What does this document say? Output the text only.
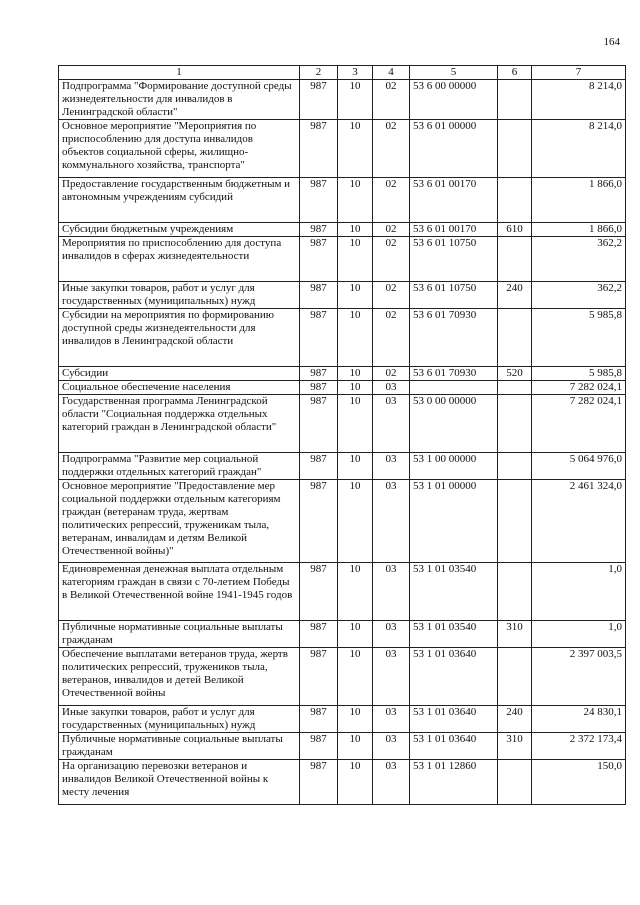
164
1	2	3	4	5	6	7
Подпрограмма "Формирование доступной среды жизнедеятельности для инвалидов в Ленинградской области"	987	10	02	53 6 00 00000		8 214,0
Основное мероприятие "Мероприятия по приспособлению для доступа инвалидов объектов социальной сферы, жилищно-коммунального хозяйства, транспорта"	987	10	02	53 6 01 00000		8 214,0
Предоставление государственным бюджетным и автономным учреждениям субсидий	987	10	02	53 6 01 00170		1 866,0
Субсидии бюджетным учреждениям	987	10	02	53 6 01 00170	610	1 866,0
Мероприятия по приспособлению для доступа инвалидов в сферах жизнедеятельности	987	10	02	53 6 01 10750		362,2
Иные закупки товаров, работ и услуг для государственных (муниципальных) нужд	987	10	02	53 6 01 10750	240	362,2
Субсидии на мероприятия по формированию доступной среды жизнедеятельности для инвалидов в Ленинградской области	987	10	02	53 6 01 70930		5 985,8
Субсидии	987	10	02	53 6 01 70930	520	5 985,8
Социальное обеспечение населения	987	10	03			7 282 024,1
Государственная программа Ленинградской области "Социальная поддержка отдельных категорий граждан в Ленинградской области"	987	10	03	53 0 00 00000		7 282 024,1
Подпрограмма "Развитие мер социальной поддержки отдельных категорий граждан"	987	10	03	53 1 00 00000		5 064 976,0
Основное мероприятие "Предоставление мер социальной поддержки отдельным категориям граждан (ветеранам труда, жертвам политических репрессий, труженикам тыла, ветеранам, инвалидам и детям Великой Отечественной войны)"	987	10	03	53 1 01 00000		2 461 324,0
Единовременная денежная выплата отдельным категориям граждан в связи с 70-летием Победы в Великой Отечественной войне 1941-1945 годов	987	10	03	53 1 01 03540		1,0
Публичные нормативные социальные выплаты гражданам	987	10	03	53 1 01 03540	310	1,0
Обеспечение выплатами ветеранов труда, жертв политических репрессий, тружеников тыла, ветеранов, инвалидов и детей Великой Отечественной войны	987	10	03	53 1 01 03640		2 397 003,5
Иные закупки товаров, работ и услуг для государственных (муниципальных) нужд	987	10	03	53 1 01 03640	240	24 830,1
Публичные нормативные социальные выплаты гражданам	987	10	03	53 1 01 03640	310	2 372 173,4
На организацию перевозки ветеранов и инвалидов Великой Отечественной войны к месту лечения	987	10	03	53 1 01 12860		150,0
